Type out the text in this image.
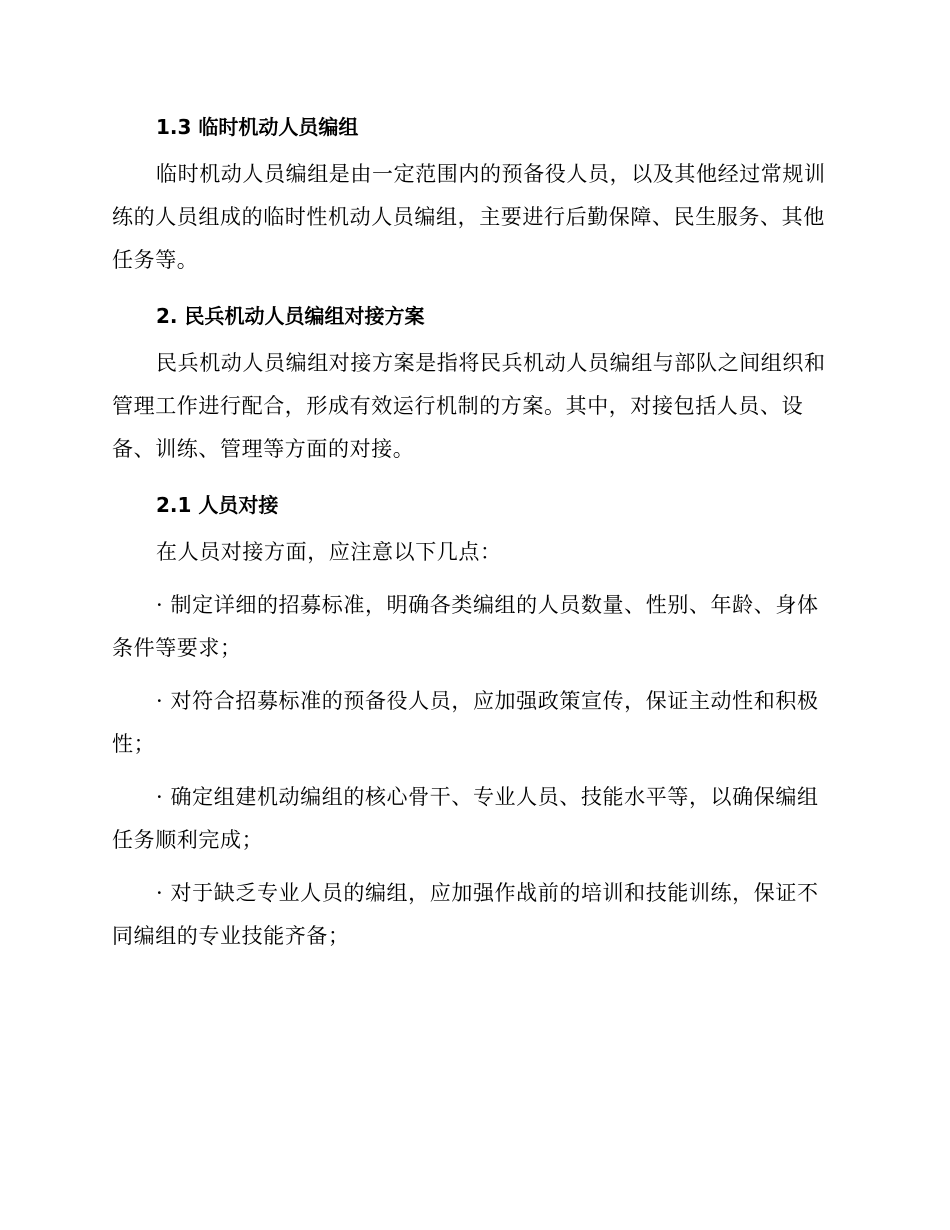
1.3 临时机动人员编组

临时机动人员编组是由一定范围内的预备役人员，以及其他经过常规训练的人员组成的临时性机动人员编组，主要进行后勤保障、民生服务、其他任务等。

2. 民兵机动人员编组对接方案

民兵机动人员编组对接方案是指将民兵机动人员编组与部队之间组织和管理工作进行配合，形成有效运行机制的方案。其中，对接包括人员、设备、训练、管理等方面的对接。

2.1 人员对接

在人员对接方面，应注意以下几点：

· 制定详细的招募标准，明确各类编组的人员数量、性别、年龄、身体条件等要求；

· 对符合招募标准的预备役人员，应加强政策宣传，保证主动性和积极性；

· 确定组建机动编组的核心骨干、专业人员、技能水平等，以确保编组任务顺利完成；

· 对于缺乏专业人员的编组，应加强作战前的培训和技能训练，保证不同编组的专业技能齐备；
